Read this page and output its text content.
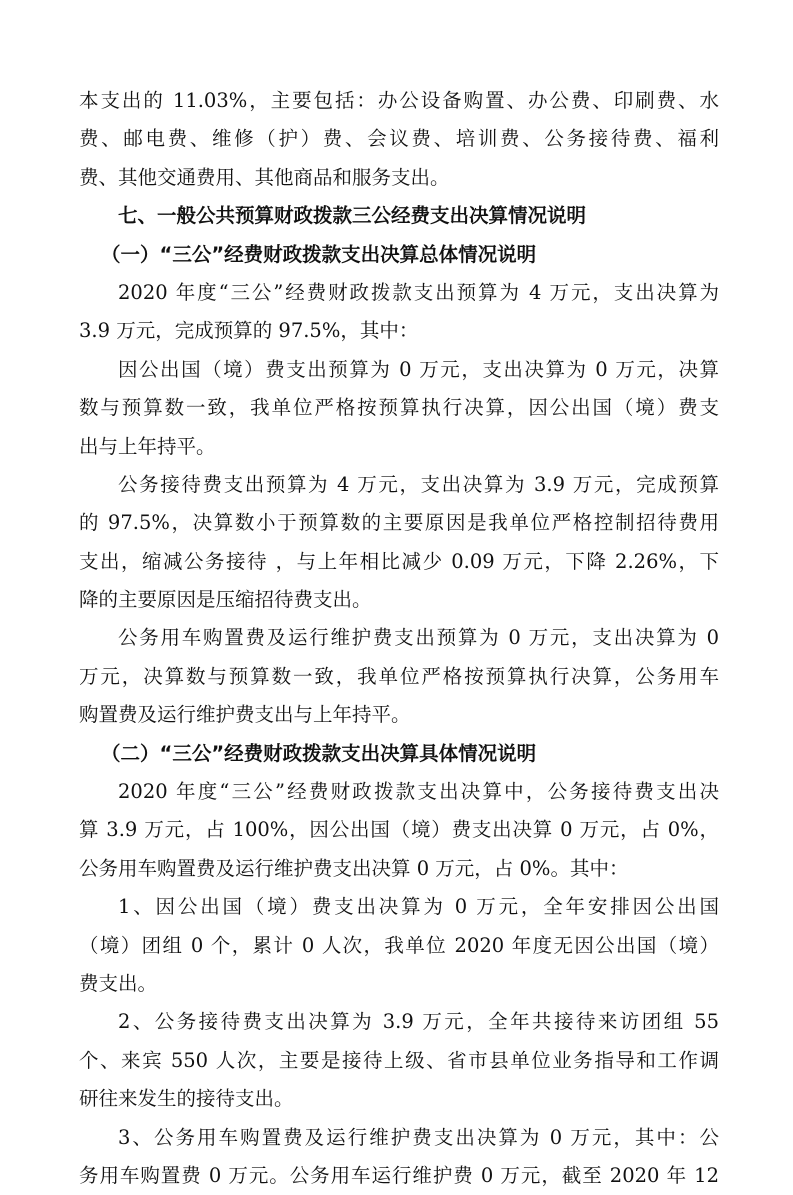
本支出的 11.03%，主要包括：办公设备购置、办公费、印刷费、水
费、邮电费、维修（护）费、会议费、培训费、公务接待费、福利
费、其他交通费用、其他商品和服务支出。
七、一般公共预算财政拨款三公经费支出决算情况说明
（一）“三公”经费财政拨款支出决算总体情况说明
2020 年度“三公”经费财政拨款支出预算为 4 万元，支出决算为
3.9 万元，完成预算的 97.5%，其中：
因公出国（境）费支出预算为 0 万元，支出决算为 0 万元，决算
数与预算数一致，我单位严格按预算执行决算，因公出国（境）费支
出与上年持平。
公务接待费支出预算为 4 万元，支出决算为 3.9 万元，完成预算
的 97.5%，决算数小于预算数的主要原因是我单位严格控制招待费用
支出，缩减公务接待 ，与上年相比减少 0.09 万元，下降 2.26%，下
降的主要原因是压缩招待费支出。
公务用车购置费及运行维护费支出预算为 0 万元，支出决算为 0
万元，决算数与预算数一致，我单位严格按预算执行决算，公务用车
购置费及运行维护费支出与上年持平。
（二）“三公”经费财政拨款支出决算具体情况说明
2020 年度“三公”经费财政拨款支出决算中，公务接待费支出决
算 3.9 万元，占 100%，因公出国（境）费支出决算 0 万元，占 0%，
公务用车购置费及运行维护费支出决算 0 万元，占 0%。其中：
1、因公出国（境）费支出决算为 0 万元，全年安排因公出国
（境）团组 0 个，累计 0 人次，我单位 2020 年度无因公出国（境）
费支出。
2、公务接待费支出决算为 3.9 万元，全年共接待来访团组 55
个、来宾 550 人次，主要是接待上级、省市县单位业务指导和工作调
研往来发生的接待支出。
3、公务用车购置费及运行维护费支出决算为 0 万元，其中：公
务用车购置费 0 万元。公务用车运行维护费 0 万元，截至 2020 年 12
